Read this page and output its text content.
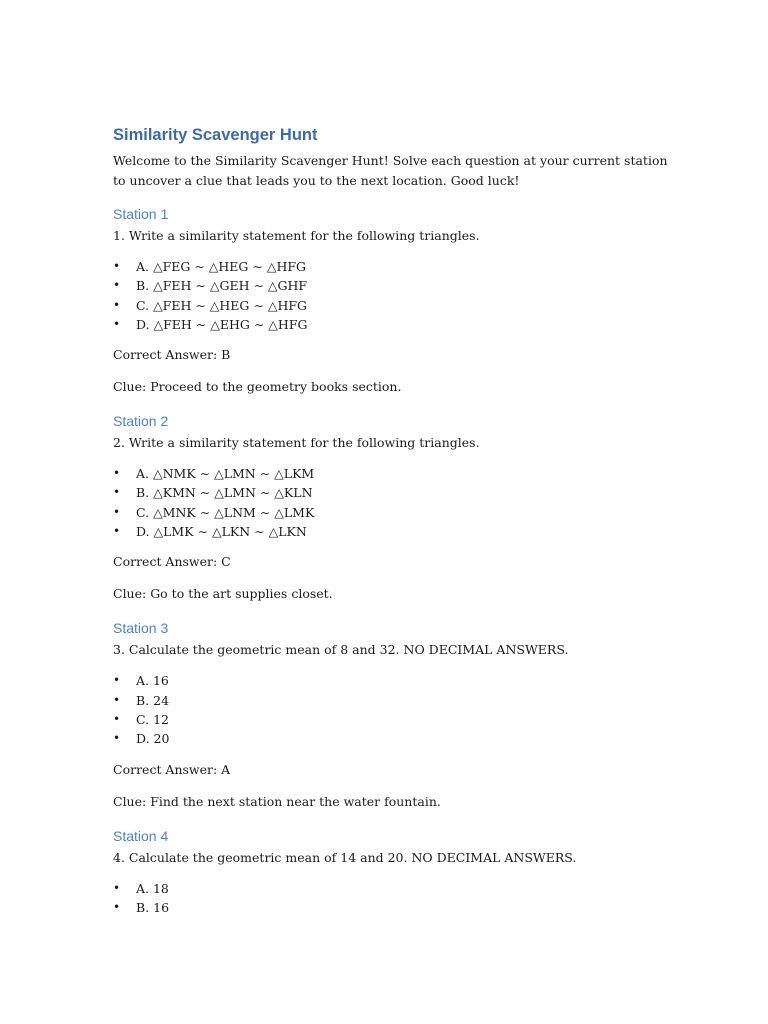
Similarity Scavenger Hunt

Welcome to the Similarity Scavenger Hunt! Solve each question at your current station to uncover a clue that leads you to the next location. Good luck!

Station 1

1. Write a similarity statement for the following triangles.

• A. △FEG ∼ △HEG ∼ △HFG
• B. △FEH ∼ △GEH ∼ △GHF
• C. △FEH ∼ △HEG ∼ △HFG
• D. △FEH ∼ △EHG ∼ △HFG

Correct Answer: B

Clue: Proceed to the geometry books section.

Station 2

2. Write a similarity statement for the following triangles.

• A. △NMK ∼ △LMN ∼ △LKM
• B. △KMN ∼ △LMN ∼ △KLN
• C. △MNK ∼ △LNM ∼ △LMK
• D. △LMK ∼ △LKN ∼ △LKN

Correct Answer: C

Clue: Go to the art supplies closet.

Station 3

3. Calculate the geometric mean of 8 and 32. NO DECIMAL ANSWERS.

• A. 16
• B. 24
• C. 12
• D. 20

Correct Answer: A

Clue: Find the next station near the water fountain.

Station 4

4. Calculate the geometric mean of 14 and 20. NO DECIMAL ANSWERS.

• A. 18
• B. 16
